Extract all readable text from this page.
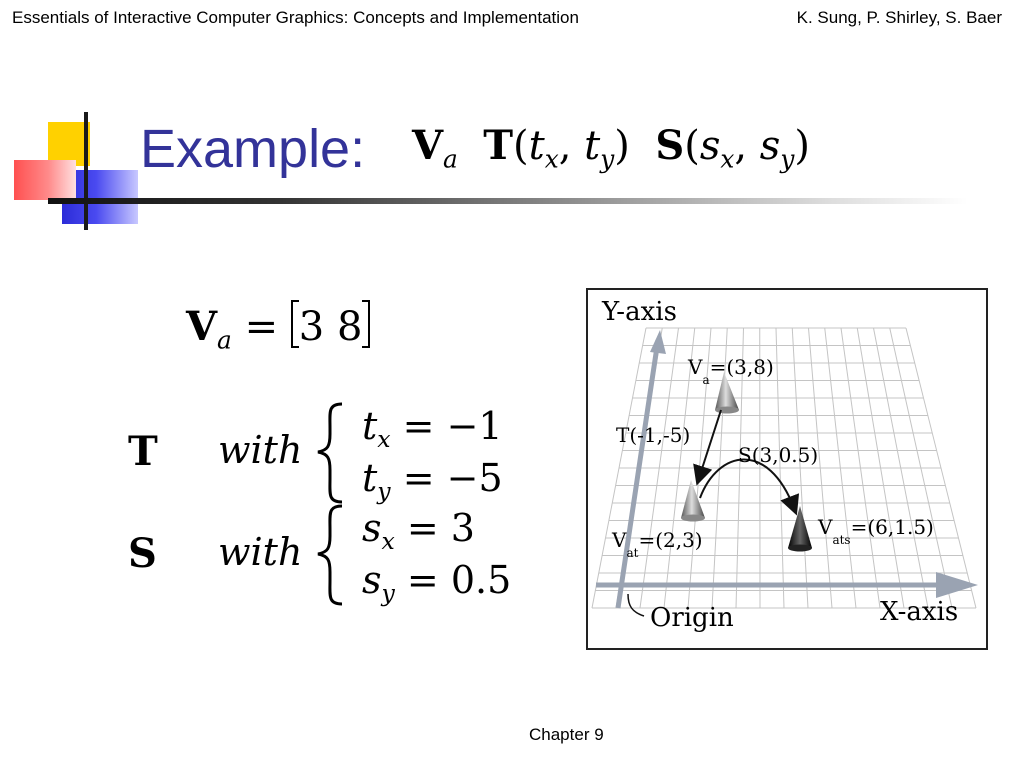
Essentials of Interactive Computer Graphics: Concepts and Implementation	K. Sung, P. Shirley, S. Baer
Example: $V_a$ $T(t_x$, $t_y$)  $S(s_x$, $s_y$)
$V_a = 3$ 8
T with
S with
$t_x = -1$
$t_y = -5$
$s_x = 3$
$s_y = 0.5$
Y-axis
X-axis
Origin
$V_a=(3,8)$
T(-1,-5)
S(3,0.5)
$V_{at}=(2,3)$
$V_{ats}=(6,1.5)$
Chapter 9
